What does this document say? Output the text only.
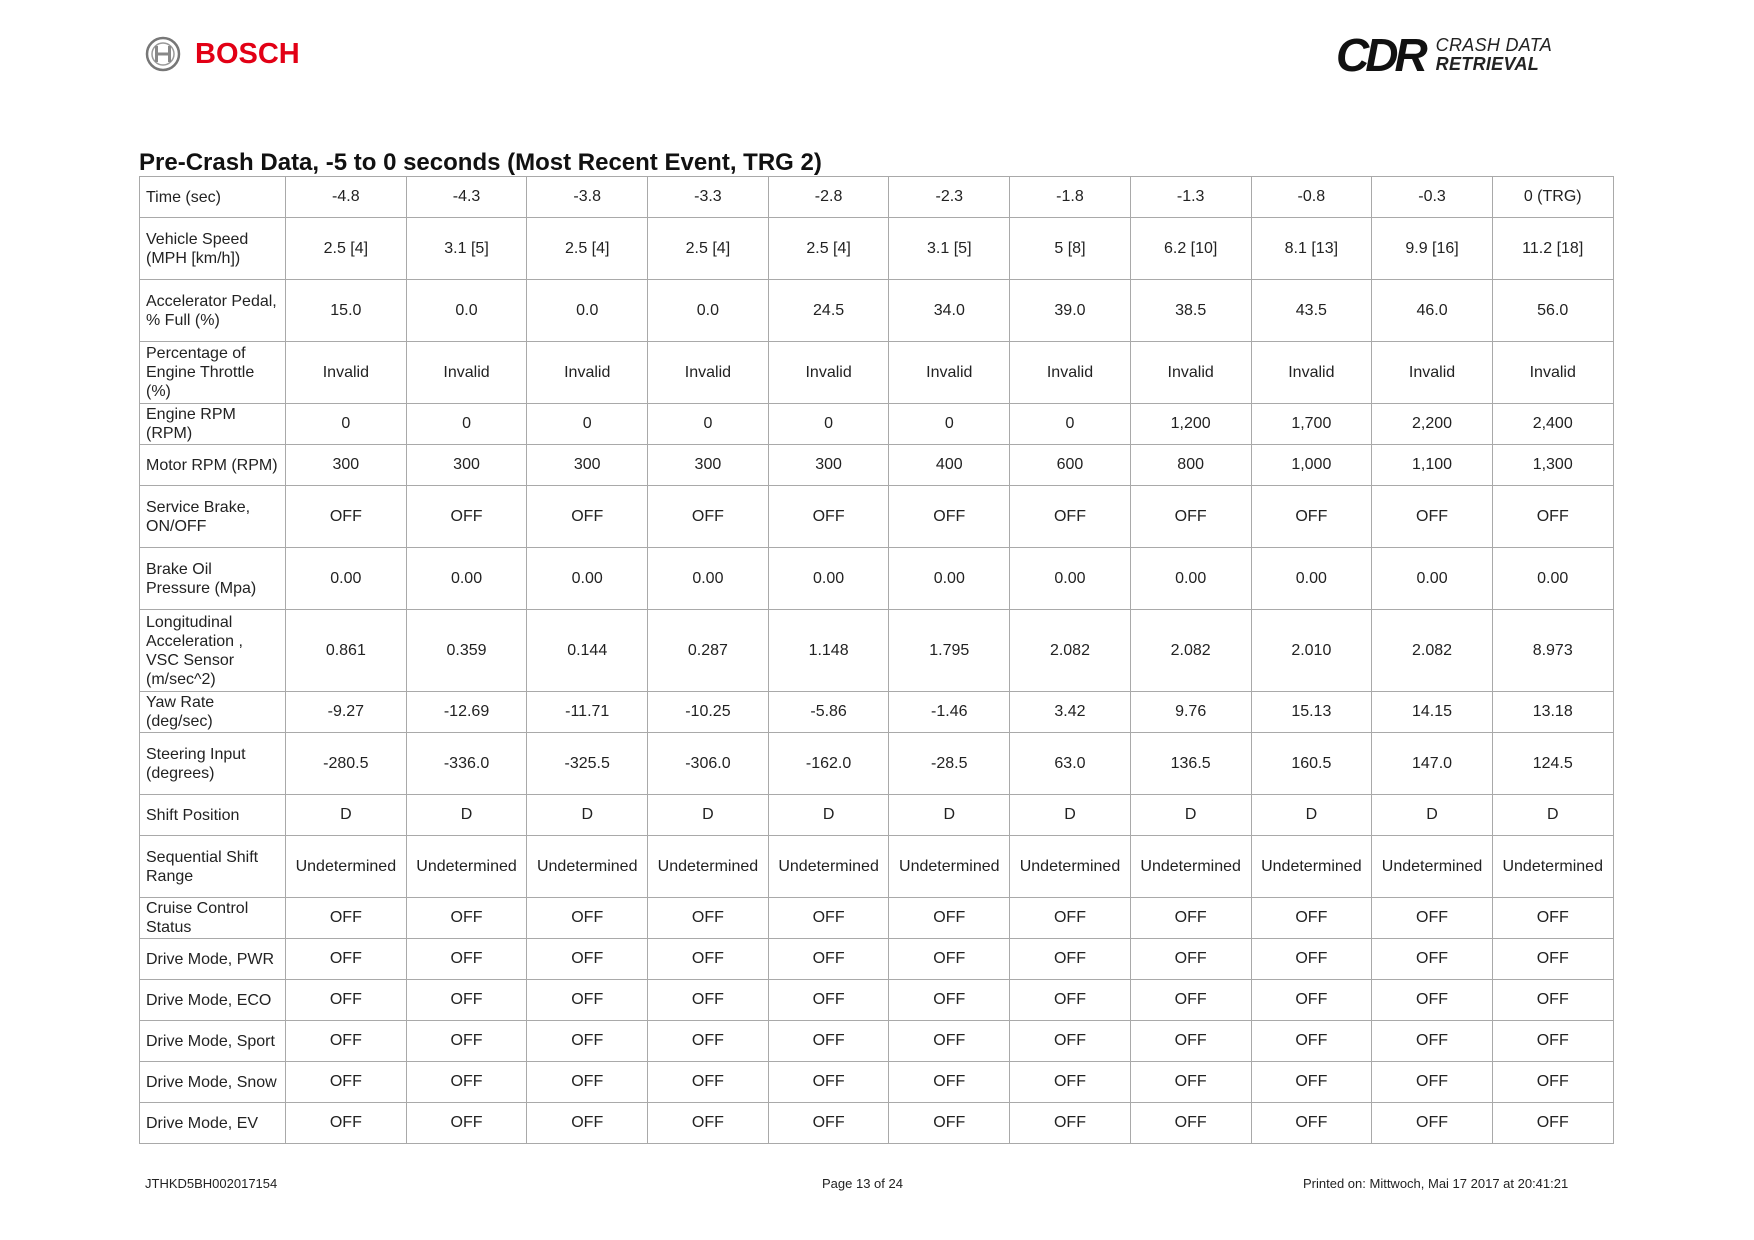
BOSCH	CDR CRASH DATA
RETRIEVAL
Pre-Crash Data, -5 to 0 seconds (Most Recent Event, TRG 2)
Time (sec)	-4.8	-4.3	-3.8	-3.3	-2.8	-2.3	-1.8	-1.3	-0.8	-0.3	0 (TRG)
Vehicle Speed (MPH [km/h])	2.5 [4]	3.1 [5]	2.5 [4]	2.5 [4]	2.5 [4]	3.1 [5]	5 [8]	6.2 [10]	8.1 [13]	9.9 [16]	11.2 [18]
Accelerator Pedal, % Full (%)	15.0	0.0	0.0	0.0	24.5	34.0	39.0	38.5	43.5	46.0	56.0
Percentage of Engine Throttle (%)	Invalid	Invalid	Invalid	Invalid	Invalid	Invalid	Invalid	Invalid	Invalid	Invalid	Invalid
Engine RPM (RPM)	0	0	0	0	0	0	0	1,200	1,700	2,200	2,400
Motor RPM (RPM)	300	300	300	300	300	400	600	800	1,000	1,100	1,300
Service Brake, ON/OFF	OFF	OFF	OFF	OFF	OFF	OFF	OFF	OFF	OFF	OFF	OFF
Brake Oil Pressure (Mpa)	0.00	0.00	0.00	0.00	0.00	0.00	0.00	0.00	0.00	0.00	0.00
Longitudinal Acceleration , VSC Sensor (m/sec^2)	0.861	0.359	0.144	0.287	1.148	1.795	2.082	2.082	2.010	2.082	8.973
Yaw Rate (deg/sec)	-9.27	-12.69	-11.71	-10.25	-5.86	-1.46	3.42	9.76	15.13	14.15	13.18
Steering Input (degrees)	-280.5	-336.0	-325.5	-306.0	-162.0	-28.5	63.0	136.5	160.5	147.0	124.5
Shift Position	D	D	D	D	D	D	D	D	D	D	D
Sequential Shift Range	Undetermined	Undetermined	Undetermined	Undetermined	Undetermined	Undetermined	Undetermined	Undetermined	Undetermined	Undetermined	Undetermined
Cruise Control Status	OFF	OFF	OFF	OFF	OFF	OFF	OFF	OFF	OFF	OFF	OFF
Drive Mode, PWR	OFF	OFF	OFF	OFF	OFF	OFF	OFF	OFF	OFF	OFF	OFF
Drive Mode, ECO	OFF	OFF	OFF	OFF	OFF	OFF	OFF	OFF	OFF	OFF	OFF
Drive Mode, Sport	OFF	OFF	OFF	OFF	OFF	OFF	OFF	OFF	OFF	OFF	OFF
Drive Mode, Snow	OFF	OFF	OFF	OFF	OFF	OFF	OFF	OFF	OFF	OFF	OFF
Drive Mode, EV	OFF	OFF	OFF	OFF	OFF	OFF	OFF	OFF	OFF	OFF	OFF
JTHKD5BH002017154	Page 13 of 24	Printed on: Mittwoch, Mai 17 2017 at 20:41:21
